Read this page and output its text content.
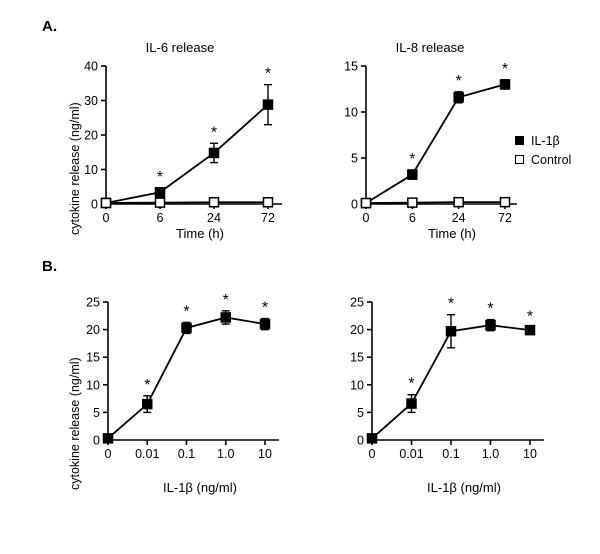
A.
B.
IL-6 release
cytokine release (ng/ml) 0
10
20
30
40
0	6	24	72
*
*
*
Time (h)
IL-8 release
0
5
10
15
0	6	24	72
*
*
*
Time (h)
IL-1β
Control
cytokine release (ng/ml) 0
5
10
15
20
25
0 0.01 0.1 1.0 10
*
*
* *
IL-1β (ng/ml)
0
5
10
15
20
25
0 0.01 0.1 1.0 10
*
* * *
IL-1β (ng/ml)
